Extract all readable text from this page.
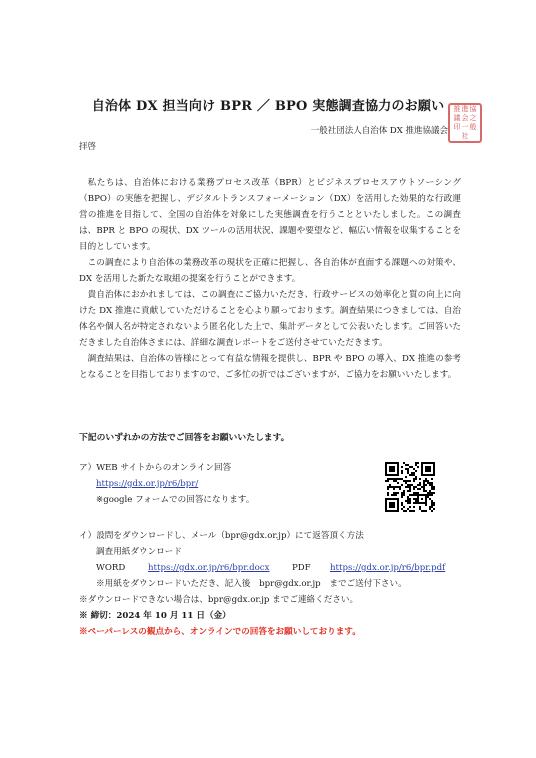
自治体 DX 担当向け BPR ／ BPO 実態調査協力のお願い
一般社団法人自治体 DX 推進協議会
推 進 協
議 会 之
印 一 般
社
拝啓

私たちは、自治体における業務プロセス改革（BPR）とビジネスプロセスアウトソーシング（BPO）の実態を把握し、デジタルトランスフォーメーション（DX）を活用した効果的な行政運営の推進を目指して、全国の自治体を対象にした実態調査を行うことといたしました。この調査は、BPR と BPO の現状、DX ツールの活用状況、課題や要望など、幅広い情報を収集することを目的としています。

この調査により自治体の業務改革の現状を正確に把握し、各自治体が直面する課題への対策や、DX を活用した新たな取組の提案を行うことができます。

貴自治体におかれましては、この調査にご協力いただき、行政サービスの効率化と質の向上に向けた DX 推進に貢献していただけることを心より願っております。調査結果につきましては、自治体名や個人名が特定されないよう匿名化した上で、集計データとして公表いたします。ご回答いただきました自治体さまには、詳細な調査レポートをご送付させていただきます。

調査結果は、自治体の皆様にとって有益な情報を提供し、BPR や BPO の導入、DX 推進の参考となることを目指しておりますので、ご多忙の折ではございますが、ご協力をお願いいたします。

下記のいずれかの方法でご回答をお願いいたします。
ア）WEB サイトからのオンライン回答
https://gdx.or.jp/r6/bpr/
※google フォームでの回答になります。
イ）設問をダウンロードし、メール（bpr@gdx.or.jp）にて返答頂く方法
調査用紙ダウンロード
WORD	https://gdx.or.jp/r6/bpr.docx	PDF https://gdx.or.jp/r6/bpr.pdf
※用紙をダウンロードいただき、記入後 bpr@gdx.or.jp までご送付下さい。
※ダウンロードできない場合は、bpr@gdx.or.jp までご連絡ください。
※ 締切：2024 年 10 月 11 日（金）
※ペーパーレスの観点から、オンラインでの回答をお願いしております。
